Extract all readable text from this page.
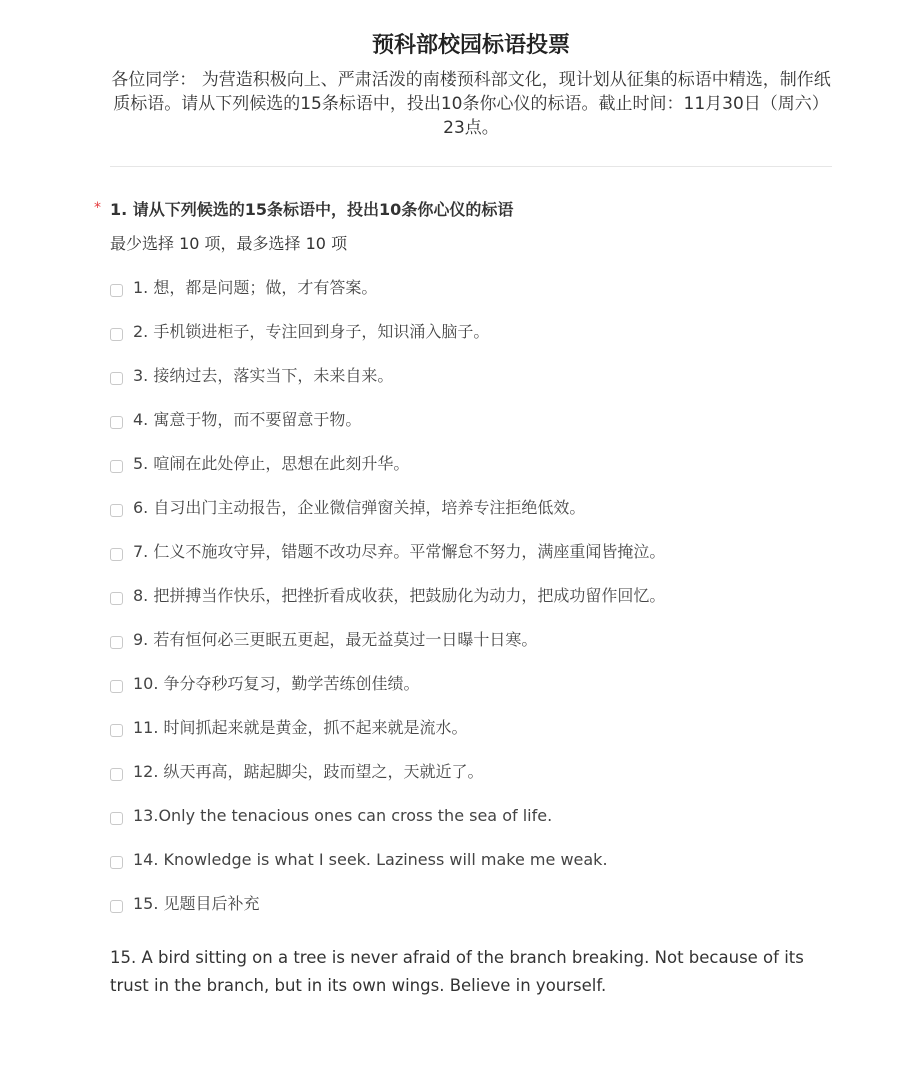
预科部校园标语投票
各位同学： 为营造积极向上、严肃活泼的南楼预科部文化，现计划从征集的标语中精选，制作纸质标语。请从下列候选的15条标语中，投出10条你心仪的标语。截止时间：11月30日（周六）23点。
* 1. 请从下列候选的15条标语中，投出10条你心仪的标语
最少选择 10 项，最多选择 10 项
1. 想，都是问题；做，才有答案。
2. 手机锁进柜子，专注回到身子，知识涌入脑子。
3. 接纳过去，落实当下，未来自来。
4. 寓意于物，而不要留意于物。
5. 喧闹在此处停止，思想在此刻升华。
6. 自习出门主动报告，企业微信弹窗关掉，培养专注拒绝低效。
7. 仁义不施攻守异，错题不改功尽弃。平常懈怠不努力，满座重闻皆掩泣。
8. 把拼搏当作快乐，把挫折看成收获，把鼓励化为动力，把成功留作回忆。
9. 若有恒何必三更眠五更起，最无益莫过一日曝十日寒。
10. 争分夺秒巧复习，勤学苦练创佳绩。
11. 时间抓起来就是黄金，抓不起来就是流水。
12. 纵天再高，踮起脚尖，跂而望之，天就近了。
13.Only the tenacious ones can cross the sea of life.
14. Knowledge is what I seek. Laziness will make me weak.
15. 见题目后补充
15. A bird sitting on a tree is never afraid of the branch breaking. Not because of its trust in the branch, but in its own wings. Believe in yourself.
